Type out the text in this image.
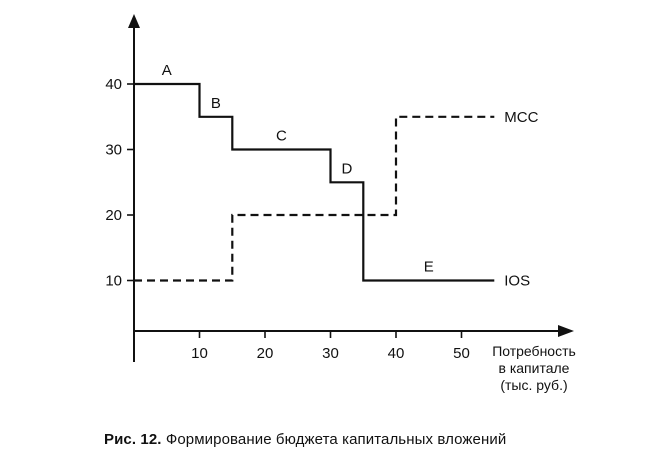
10
20
30
40
10	20	30	40	50 Потребность
в капитале
(тыс. руб.)
IOS
MCC
A
B
C
D
E
Рис. 12. Формирование бюджета капитальных вложений
